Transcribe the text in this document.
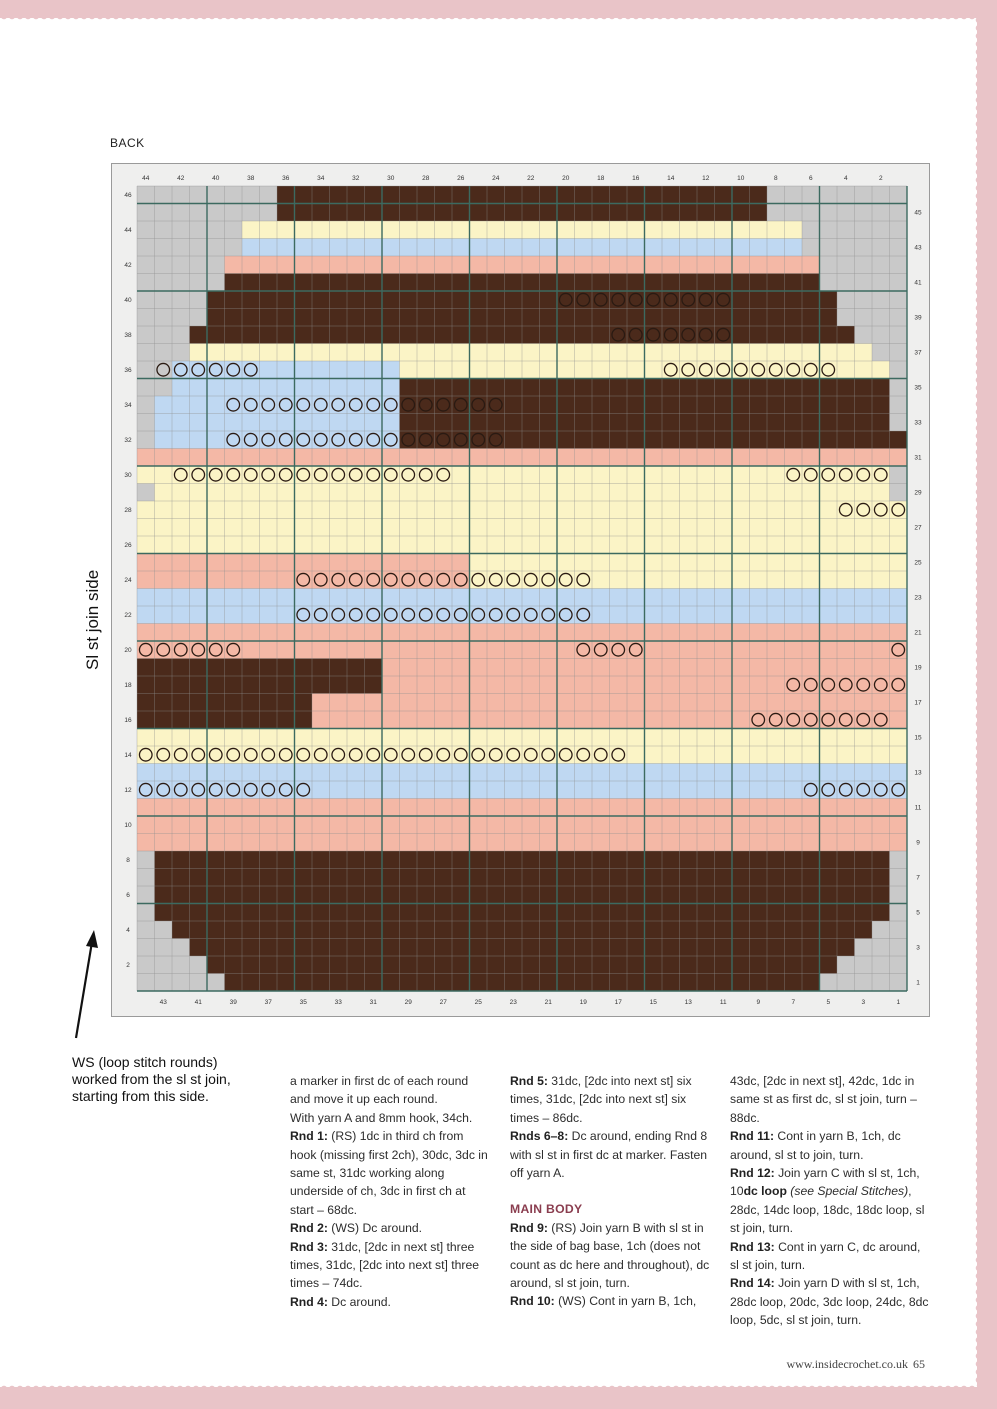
BACK
44	42	40	38	36	34	32	30	28	26	24	22	20	18	16	14	12	10	8	6	4	2
43	41	39	37	35	33	31	29	27	25	23	21	19	17	15	13	11	9	7	5	3	1
46
44
42
40
38
36
34
32
30
28
26
24
22
20
18
16
14
12
10
8
6
4
2
45
43
41
39
37
35
33
31
29
27
25
23
21
19
17
15
13
11
9
7
5
3
1
Sl st join side
WS (loop stitch rounds) worked from the sl st join, starting from this side.

a marker in first dc of each round and move it up each round.

With yarn A and 8mm hook, 34ch.

Rnd 1: (RS) 1dc in third ch from hook (missing first 2ch), 30dc, 3dc in same st, 31dc working along underside of ch, 3dc in first ch at start – 68dc.

Rnd 2: (WS) Dc around.

Rnd 3: 31dc, [2dc in next st] three times, 31dc, [2dc into next st] three times – 74dc.

Rnd 4: Dc around.

Rnd 5: 31dc, [2dc into next st] six times, 31dc, [2dc into next st] six times – 86dc.

Rnds 6–8: Dc around, ending Rnd 8 with sl st in first dc at marker. Fasten off yarn A.

MAIN BODY

Rnd 9: (RS) Join yarn B with sl st in the side of bag base, 1ch (does not count as dc here and throughout), dc around, sl st join, turn.

Rnd 10: (WS) Cont in yarn B, 1ch,

43dc, [2dc in next st], 42dc, 1dc in same st as first dc, sl st join, turn – 88dc.

Rnd 11: Cont in yarn B, 1ch, dc around, sl st to join, turn.

Rnd 12: Join yarn C with sl st, 1ch, 10dc loop (see Special Stitches), 28dc, 14dc loop, 18dc, 18dc loop, sl st join, turn.

Rnd 13: Cont in yarn C, dc around, sl st join, turn.

Rnd 14: Join yarn D with sl st, 1ch, 28dc loop, 20dc, 3dc loop, 24dc, 8dc loop, 5dc, sl st join, turn.

www.insidecrochet.co.uk 65
